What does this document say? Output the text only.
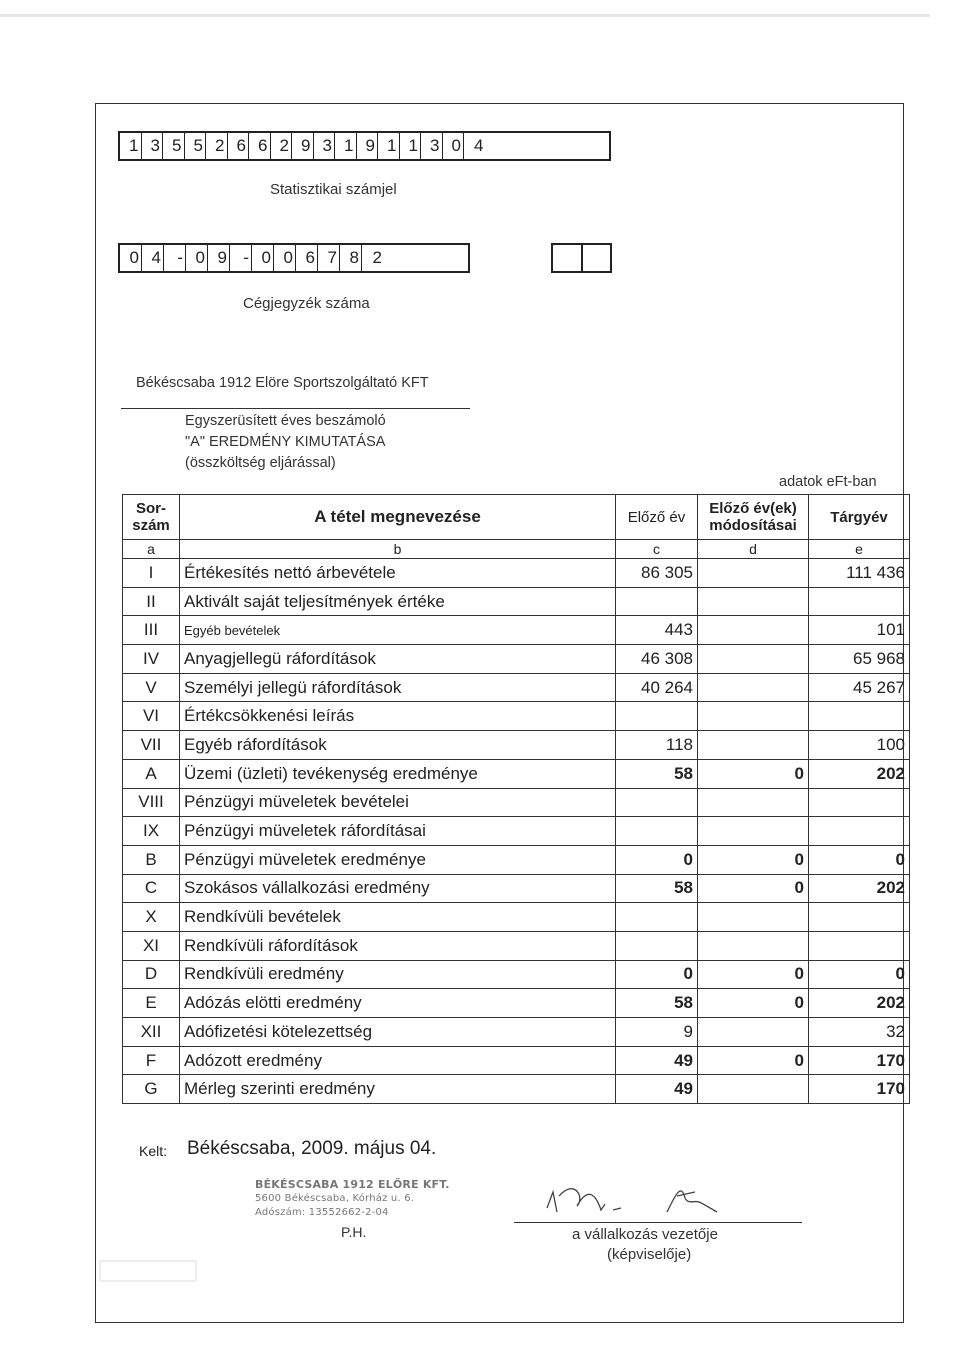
1 3 5 5 2 6 6 2 9 3 1 9 1 1 3 0 4
Statisztikai számjel
0 4 - 0 9 - 0 0 6 7 8 2
Cégjegyzék száma
Békéscsaba 1912 Elöre Sportszolgáltató KFT
Egyszerüsített éves beszámoló
"A" EREDMÉNY KIMUTATÁSA
(összköltség eljárással)
adatok eFt-ban
Sor-szám	A tétel megnevezése	Előző év	Előző év(ek) módosításai	Tárgyév
a	b	c	d	e
I	Értékesítés nettó árbevétele	86 305		111 436
II	Aktivált saját teljesítmények értéke			
III	Egyéb bevételek	443		101
IV	Anyagjellegü ráfordítások	46 308		65 968
V	Személyi jellegü ráfordítások	40 264		45 267
VI	Értékcsökkenési leírás			
VII	Egyéb ráfordítások	118		100
A	Üzemi (üzleti) tevékenység eredménye	58	0	202
VIII	Pénzügyi müveletek bevételei			
IX	Pénzügyi müveletek ráfordításai			
B	Pénzügyi müveletek eredménye	0	0	0
C	Szokásos vállalkozási eredmény	58	0	202
X	Rendkívüli bevételek			
XI	Rendkívüli ráfordítások			
D	Rendkívüli eredmény	0	0	0
E	Adózás elötti eredmény	58	0	202
XII	Adófizetési kötelezettség	9		32
F	Adózott eredmény	49	0	170
G	Mérleg szerinti eredmény	49		170
Kelt: Békéscsaba, 2009. május 04.
BÉKÉSCSABA 1912 ELŐRE KFT.
5600 Békéscsaba, Kórház u. 6.
Adószám: 13552662-2-04
P.H.	a vállalkozás vezetője
(képviselője)
